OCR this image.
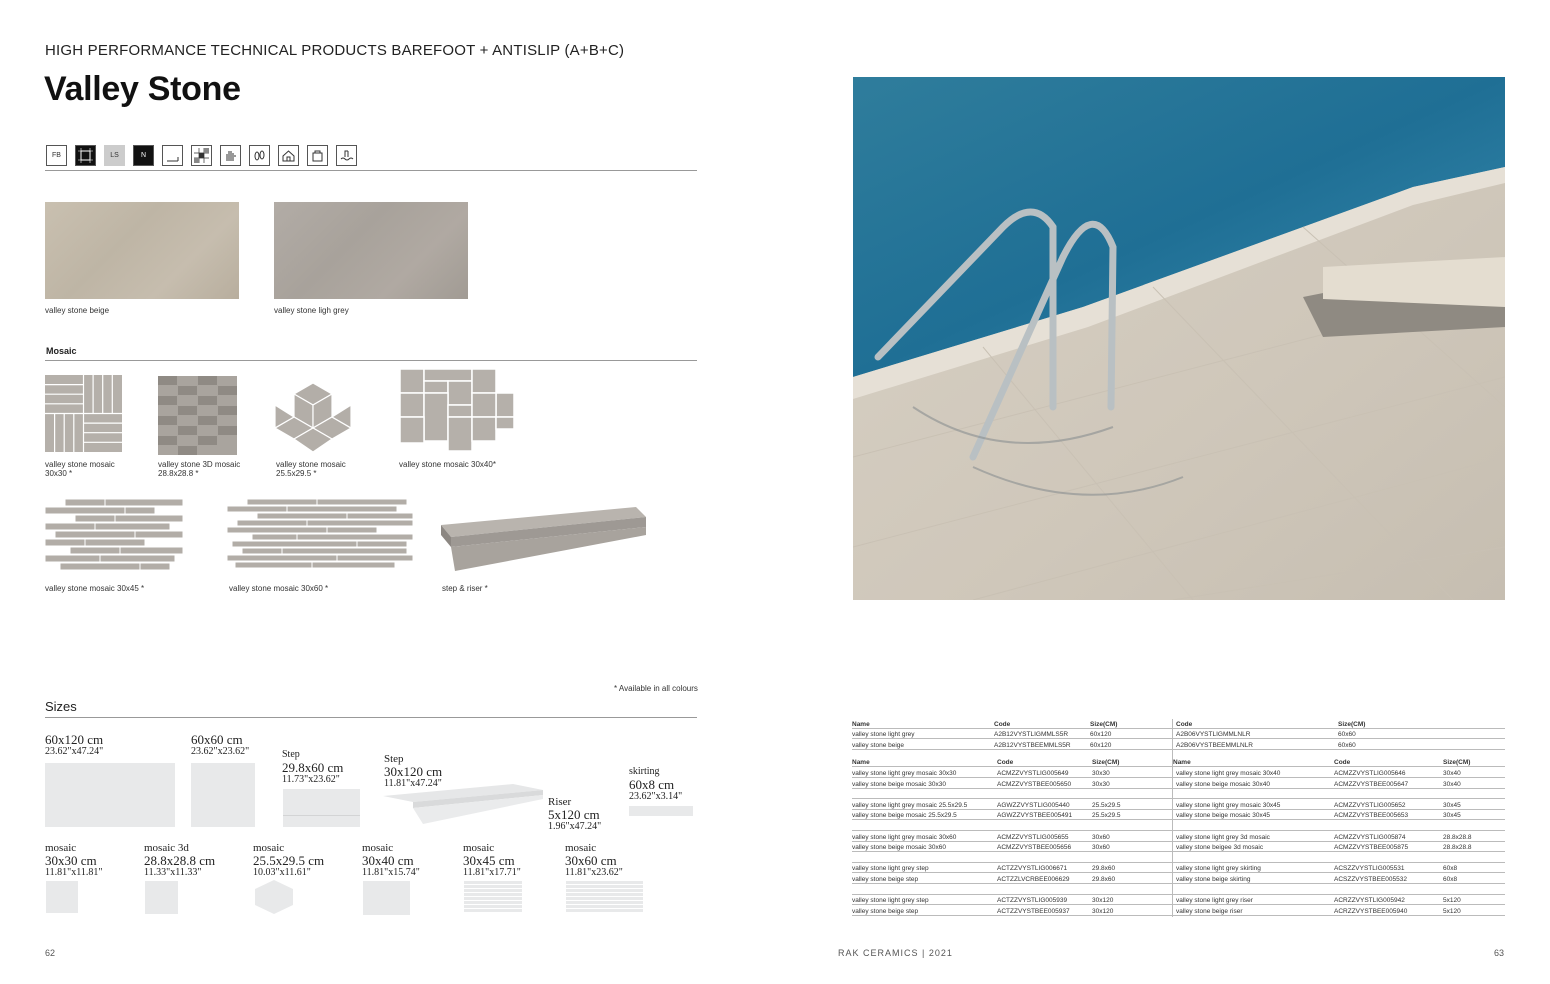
HIGH PERFORMANCE TECHNICAL PRODUCTS BAREFOOT + ANTISLIP (A+B+C)
Valley Stone
FB	LS	N
valley stone beige	valley stone ligh grey
Mosaic
valley stone mosaic
30x30 *
valley stone 3D mosaic
28.8x28.8 *
valley stone mosaic
25.5x29.5 *
valley stone mosaic 30x40*
valley stone mosaic 30x45 *	valley stone mosaic 30x60 *	step & riser *
* Available in all colours
Sizes
60x120 cm
23.62"x47.24"
60x60 cm
23.62"x23.62"	Step
29.8x60 cm
11.73"x23.62"
Step
30x120 cm
11.81"x47.24"
Riser
5x120 cm
1.96"x47.24"
skirting
60x8 cm
23.62"x3.14"
mosaic
30x30 cm
11.81"x11.81"
mosaic 3d
28.8x28.8 cm
11.33"x11.33"
mosaic
25.5x29.5 cm
10.03"x11.61"
mosaic
30x40 cm
11.81"x15.74"
mosaic
30x45 cm
11.81"x17.71"
mosaic
30x60 cm
11.81"x23.62"
62
Name	Code	Size(CM)	Code	Size(CM)
valley stone light grey	A2B12VYSTLIGMMLS5R	60x120	A2B06VYSTLIGMMLNLR	60x60
valley stone beige	A2B12VYSTBEEMMLS5R	60x120	A2B06VYSTBEEMMLNLR	60x60
Name	Code	Size(CM)	Name	Code	Size(CM)
valley stone light grey mosaic 30x30	ACMZZVYSTLIG005649	30x30	valley stone light grey mosaic 30x40	ACMZZVYSTLIG005646	30x40
valley stone beige mosaic 30x30	ACMZZVYSTBEE005650	30x30	valley stone beige mosaic 30x40	ACMZZVYSTBEE005647	30x40
valley stone light grey mosaic 25.5x29.5	AGWZZVYSTLIG005440	25.5x29.5	valley stone light grey mosaic 30x45	ACMZZVYSTLIG005652	30x45
valley stone beige mosaic 25.5x29.5	AGWZZVYSTBEE005491	25.5x29.5	valley stone beige mosaic 30x45	ACMZZVYSTBEE005653	30x45
valley stone light grey mosaic 30x60	ACMZZVYSTLIG005655	30x60	valley stone light grey 3d mosaic	ACMZZVYSTLIG005874	28.8x28.8
valley stone beige mosaic 30x60	ACMZZVYSTBEE005656	30x60	valley stone beigee 3d mosaic	ACMZZVYSTBEE005875	28.8x28.8
valley stone light grey step	ACTZZVYSTLIG006671	29.8x60	valley stone light grey skirting	ACSZZVYSTLIG005531	60x8
valley stone beige step	ACTZZLVCRBEE006629	29.8x60	valley stone beige skirting	ACSZZVYSTBEE005532	60x8
valley stone light grey step	ACTZZVYSTLIG005939	30x120	valley stone light grey riser	ACRZZVYSTLIG005942	5x120
valley stone beige step	ACTZZVYSTBEE005937	30x120	valley stone beige riser	ACRZZVYSTBEE005940	5x120
RAK CERAMICS | 2021	63
